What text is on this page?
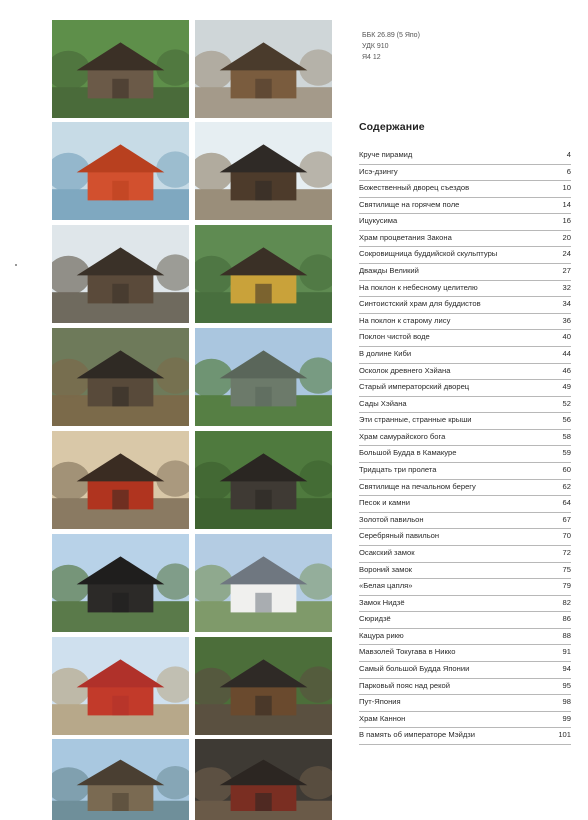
ББК 26.89 (5 Япо)
УДК 910
Я4 12
Содержание
Круче пирамид	4
Исэ-дзингу	6
Божественный дворец съездов	10
Святилище на горячем поле	14
Ицукусима	16
Храм процветания Закона	20
Сокровищница буддийской скульптуры	24
Дважды Великий	27
На поклон к небесному целителю	32
Синтоистский храм для буддистов	34
На поклон к старому лису	36
Поклон чистой воде	40
В долине Киби	44
Осколок древнего Хэйана	46
Старый императорский дворец	49
Сады Хэйана	52
Эти странные, странные крыши	56
Храм самурайского бога	58
Большой Будда в Камакуре	59
Тридцать три пролета	60
Святилище на печальном берегу	62
Песок и камни	64
Золотой павильон	67
Серебряный павильон	70
Осакский замок	72
Вороний замок	75
«Белая цапля»	79
Замок Нидзё	82
Сюридзё	86
Кацура рикю	88
Мавзолей Токугава в Никко	91
Самый большой Будда Японии	94
Парковый пояс над рекой	95
Пут-Япония	98
Храм Каннон	99
В память об императоре Мэйдзи	101
